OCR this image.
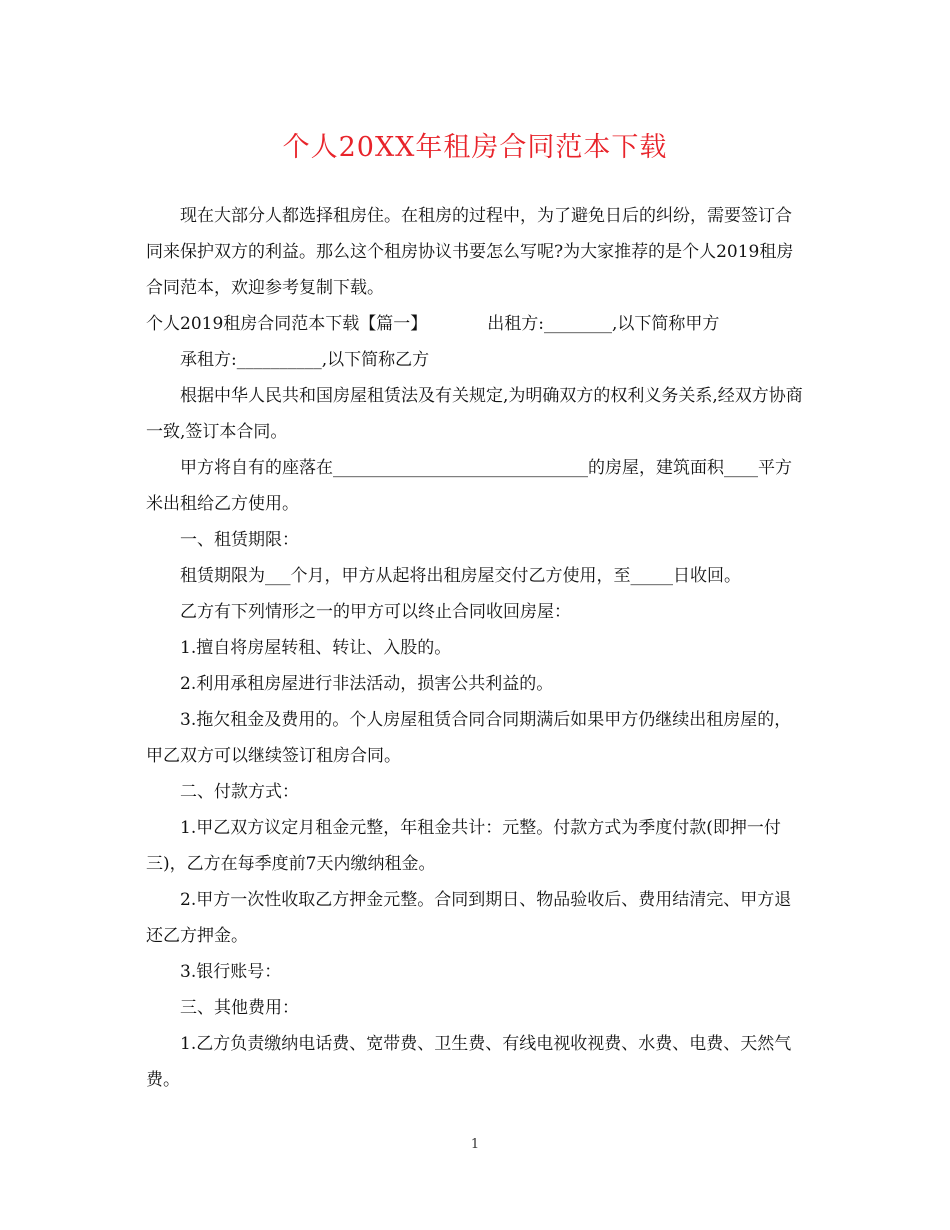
个人20XX年租房合同范本下载

现在大部分人都选择租房住。在租房的过程中，为了避免日后的纠纷，需要签订合同来保护双方的利益。那么这个租房协议书要怎么写呢?为大家推荐的是个人2019租房合同范本，欢迎参考复制下载。

个人2019租房合同范本下载【篇一】	出租方:________,以下简称甲方

承租方:__________,以下简称乙方

根据中华人民共和国房屋租赁法及有关规定,为明确双方的权利义务关系,经双方协商一致,签订本合同。

甲方将自有的座落在______________________________的房屋，建筑面积____平方米出租给乙方使用。

一、租赁期限：

租赁期限为___个月，甲方从起将出租房屋交付乙方使用，至_____日收回。

乙方有下列情形之一的甲方可以终止合同收回房屋：

1.擅自将房屋转租、转让、入股的。

2.利用承租房屋进行非法活动，损害公共利益的。

3.拖欠租金及费用的。个人房屋租赁合同合同期满后如果甲方仍继续出租房屋的，甲乙双方可以继续签订租房合同。

二、付款方式：

1.甲乙双方议定月租金元整，年租金共计：元整。付款方式为季度付款(即押一付三)，乙方在每季度前7天内缴纳租金。

2.甲方一次性收取乙方押金元整。合同到期日、物品验收后、费用结清完、甲方退还乙方押金。

3.银行账号：

三、其他费用：

1.乙方负责缴纳电话费、宽带费、卫生费、有线电视收视费、水费、电费、天然气费。

1
